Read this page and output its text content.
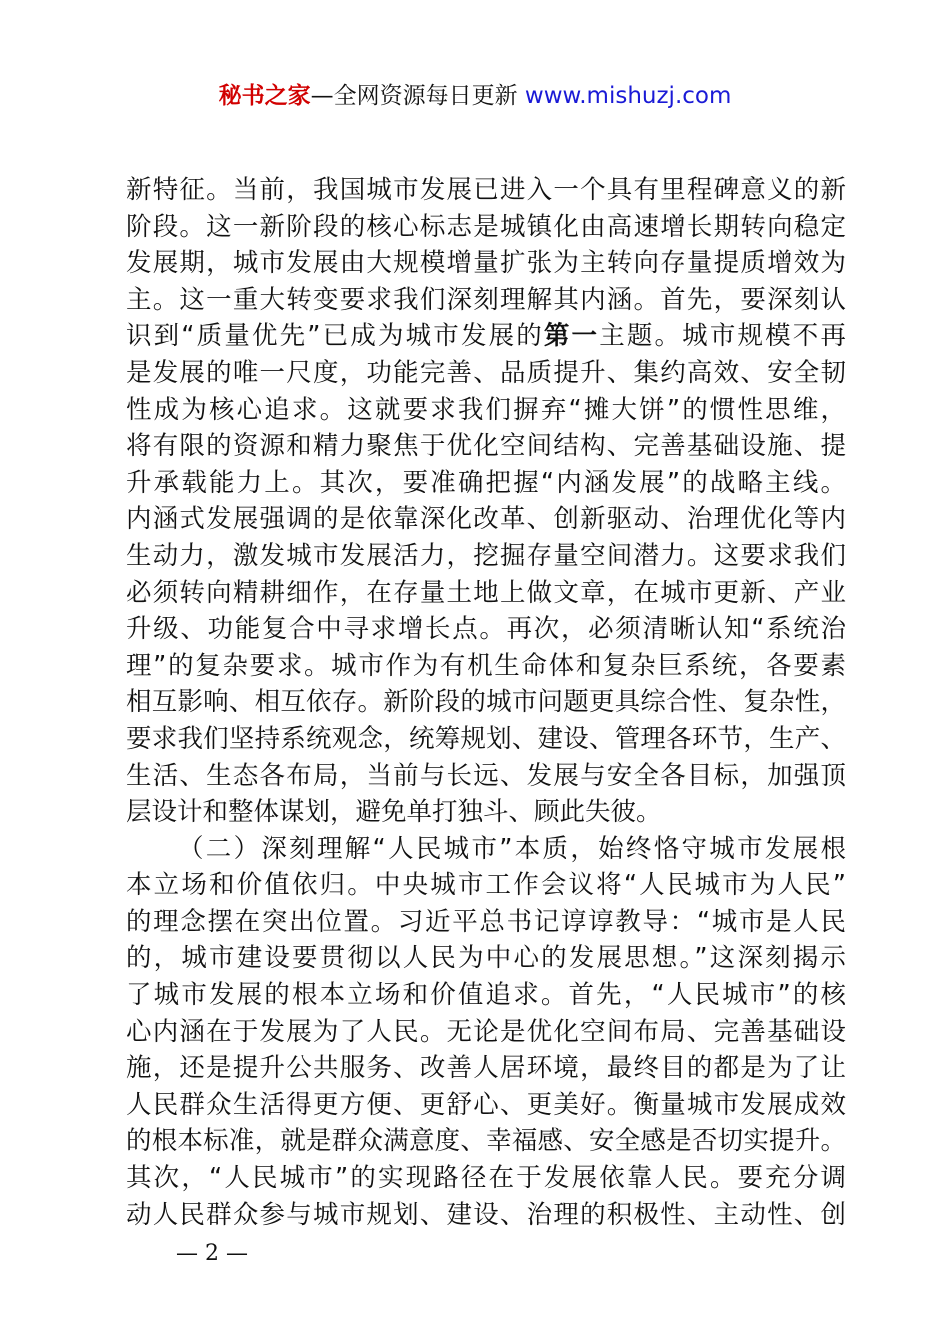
秘书之家—全网资源每日更新 www.mishuzj.com
新特征。当前，我国城市发展已进入一个具有里程碑意义的新
阶段。这一新阶段的核心标志是城镇化由高速增长期转向稳定
发展期，城市发展由大规模增量扩张为主转向存量提质增效为
主。这一重大转变要求我们深刻理解其内涵。首先，要深刻认
识到“质量优先”已成为城市发展的第一主题。城市规模不再
是发展的唯一尺度，功能完善、品质提升、集约高效、安全韧
性成为核心追求。这就要求我们摒弃“摊大饼”的惯性思维，
将有限的资源和精力聚焦于优化空间结构、完善基础设施、提
升承载能力上。其次，要准确把握“内涵发展”的战略主线。
内涵式发展强调的是依靠深化改革、创新驱动、治理优化等内
生动力，激发城市发展活力，挖掘存量空间潜力。这要求我们
必须转向精耕细作，在存量土地上做文章，在城市更新、产业
升级、功能复合中寻求增长点。再次，必须清晰认知“系统治
理”的复杂要求。城市作为有机生命体和复杂巨系统，各要素
相互影响、相互依存。新阶段的城市问题更具综合性、复杂性，
要求我们坚持系统观念，统筹规划、建设、管理各环节，生产、
生活、生态各布局，当前与长远、发展与安全各目标，加强顶
层设计和整体谋划，避免单打独斗、顾此失彼。
（二）深刻理解“人民城市”本质，始终恪守城市发展根
本立场和价值依归。中央城市工作会议将“人民城市为人民”
的理念摆在突出位置。习近平总书记谆谆教导：“城市是人民
的，城市建设要贯彻以人民为中心的发展思想。”这深刻揭示
了城市发展的根本立场和价值追求。首先，“人民城市”的核
心内涵在于发展为了人民。无论是优化空间布局、完善基础设
施，还是提升公共服务、改善人居环境，最终目的都是为了让
人民群众生活得更方便、更舒心、更美好。衡量城市发展成效
的根本标准，就是群众满意度、幸福感、安全感是否切实提升。
其次，“人民城市”的实现路径在于发展依靠人民。要充分调
动人民群众参与城市规划、建设、治理的积极性、主动性、创
— 2 —
